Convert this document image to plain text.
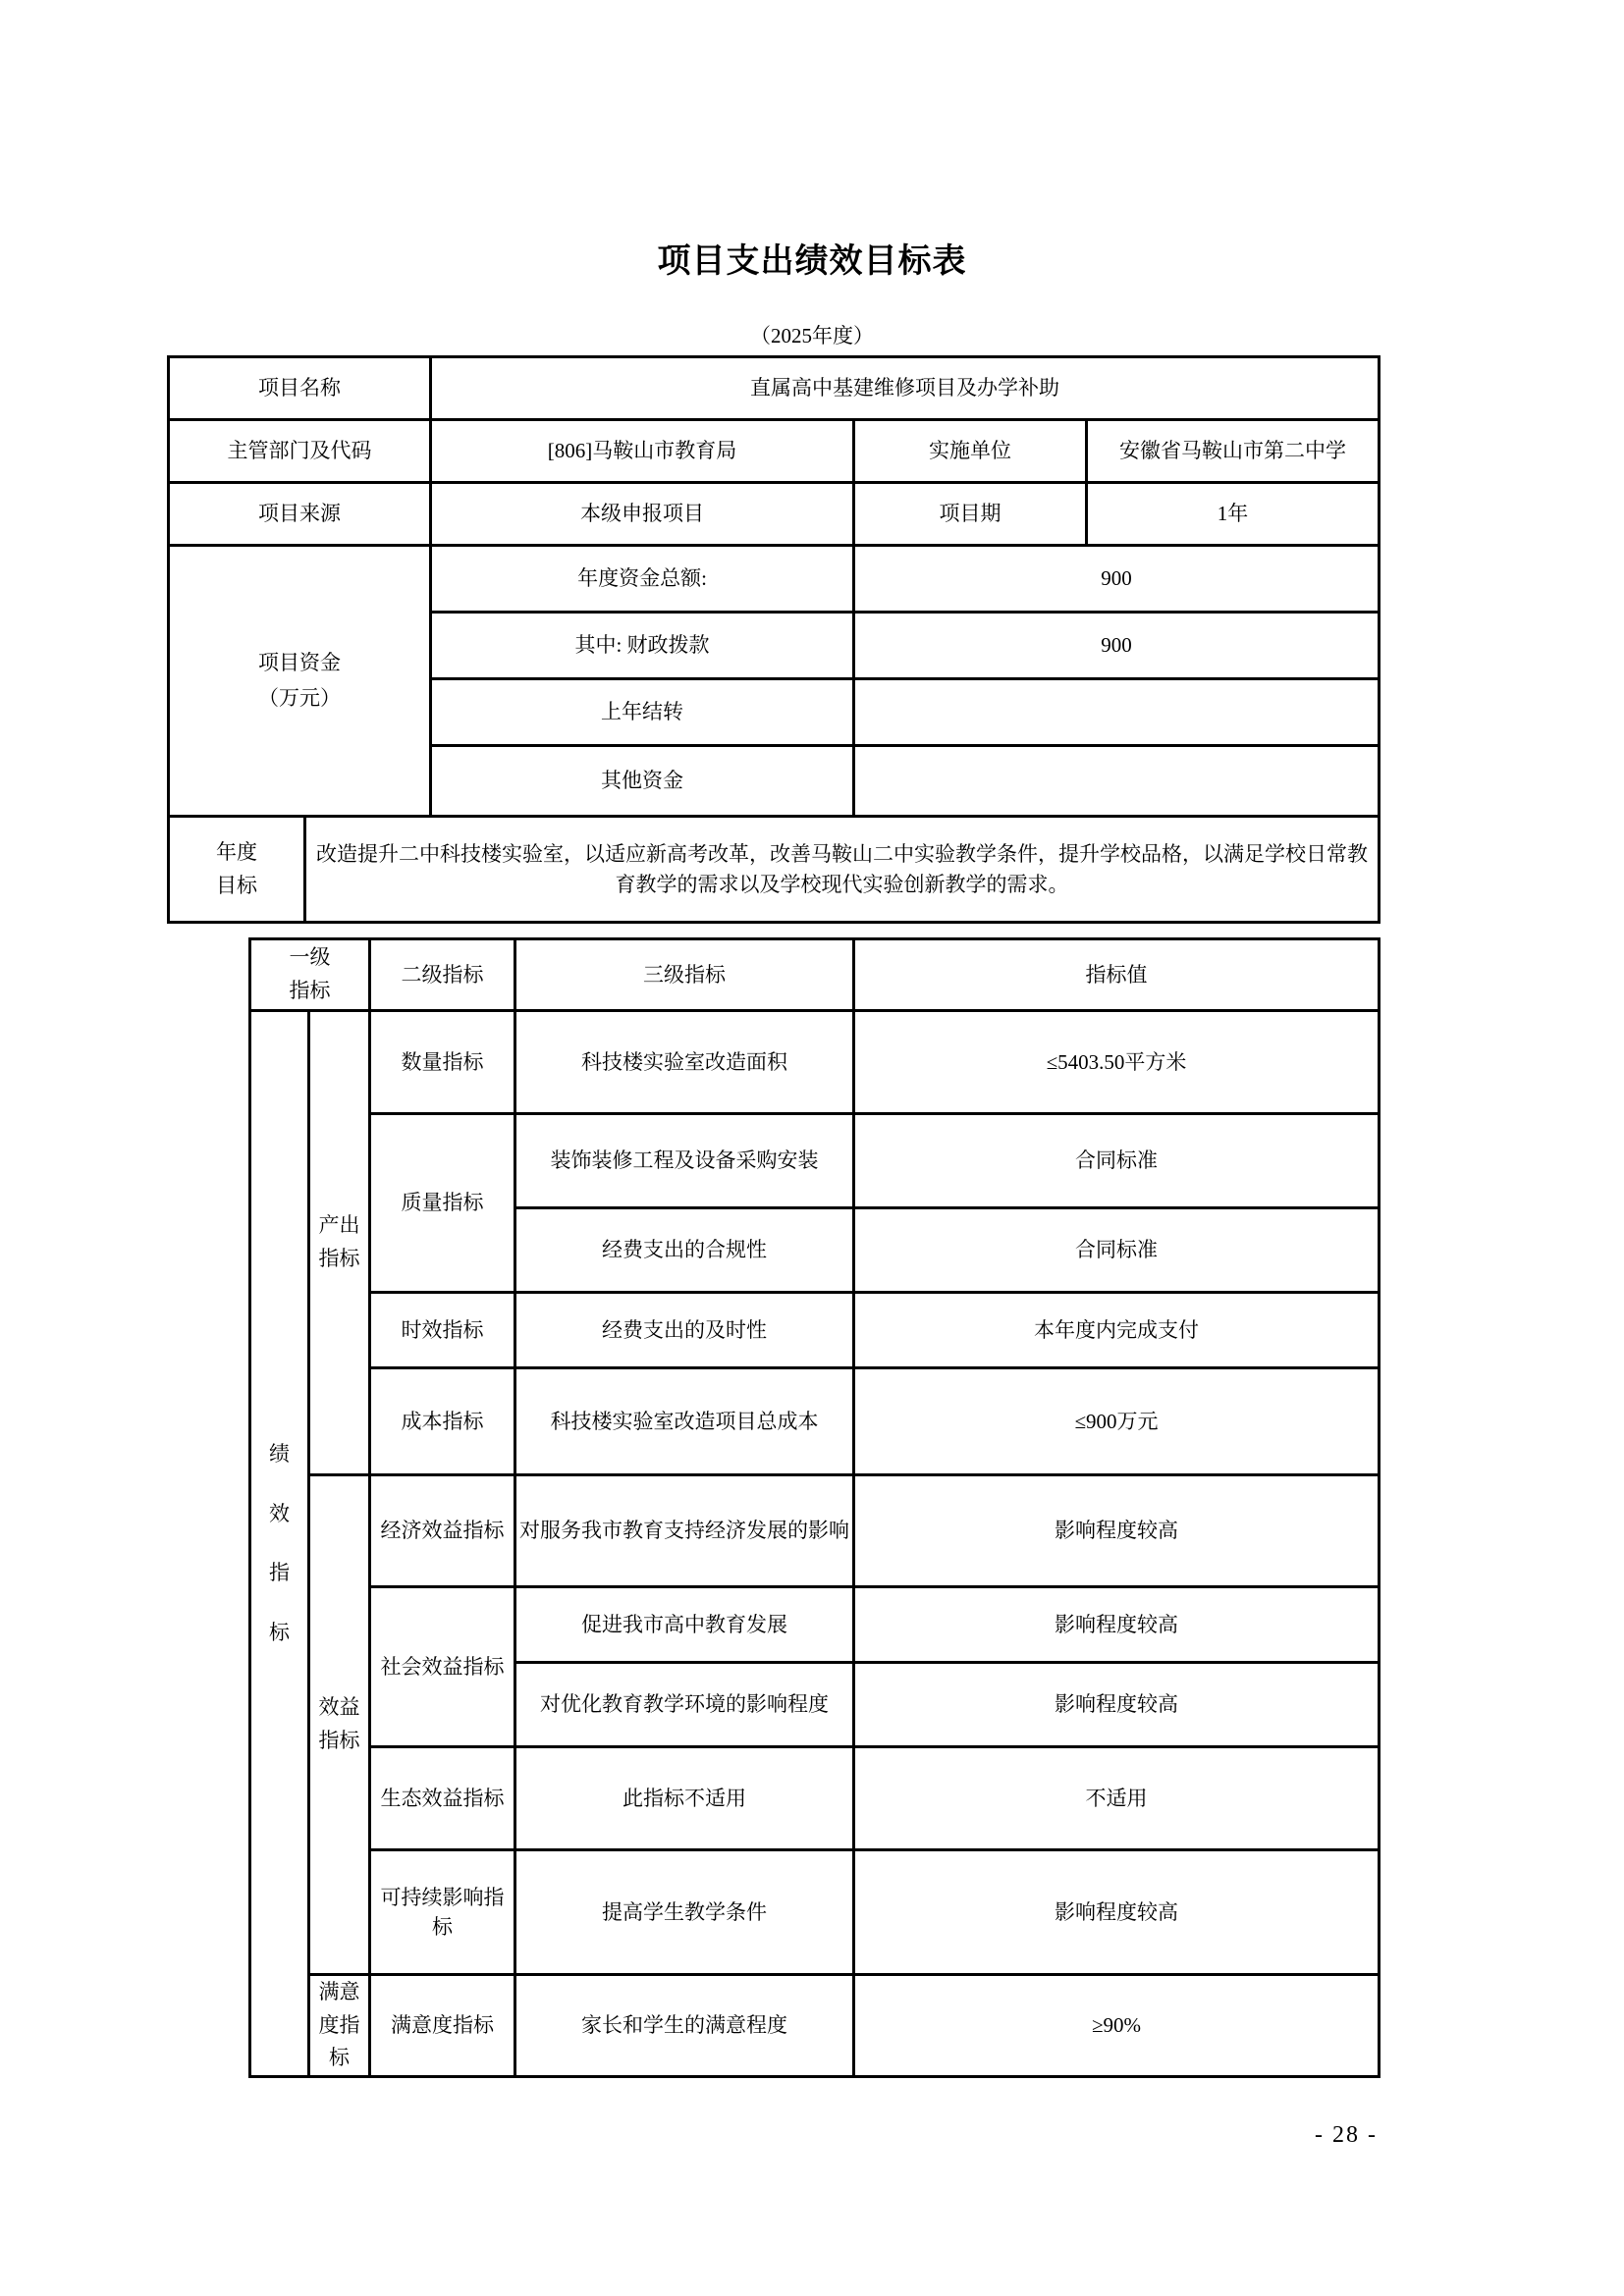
项目支出绩效目标表
（2025年度）
项目名称		直属高中基建维修项目及办学补助		
主管部门及代码		[806]马鞍山市教育局	实施单位	安徽省马鞍山市第二中学
项目来源		本级申报项目	项目期	1年

项目资金
（万元）		年度资金总额:	900	
		其中: 财政拨款	900	
		上年结转		
		其他资金		

年度目标	改造提升二中科技楼实验室，以适应新高考改革，改善马鞍山二中实验教学条件，提升学校品格，以满足学校日常教育教学的需求以及学校现代实验创新教学的需求。			
一级指标		二级指标	三级指标	指标值

绩效指标	产出指标	数量指标	科技楼实验室改造面积	≤5403.50平方米
		质量指标	装饰装修工程及设备采购安装	合同标准
			经费支出的合规性	合同标准
		时效指标	经费支出的及时性	本年度内完成支付
		成本指标	科技楼实验室改造项目总成本	≤900万元

	效益指标	经济效益指标	对服务我市教育支持经济发展的影响	影响程度较高
		社会效益指标	促进我市高中教育发展	影响程度较高
			对优化教育教学环境的影响程度	影响程度较高
		生态效益指标	此指标不适用	不适用
		可持续影响指标	提高学生教学条件	影响程度较高

	满意度指标	满意度指标	家长和学生的满意程度	≥90%
- 28 -
